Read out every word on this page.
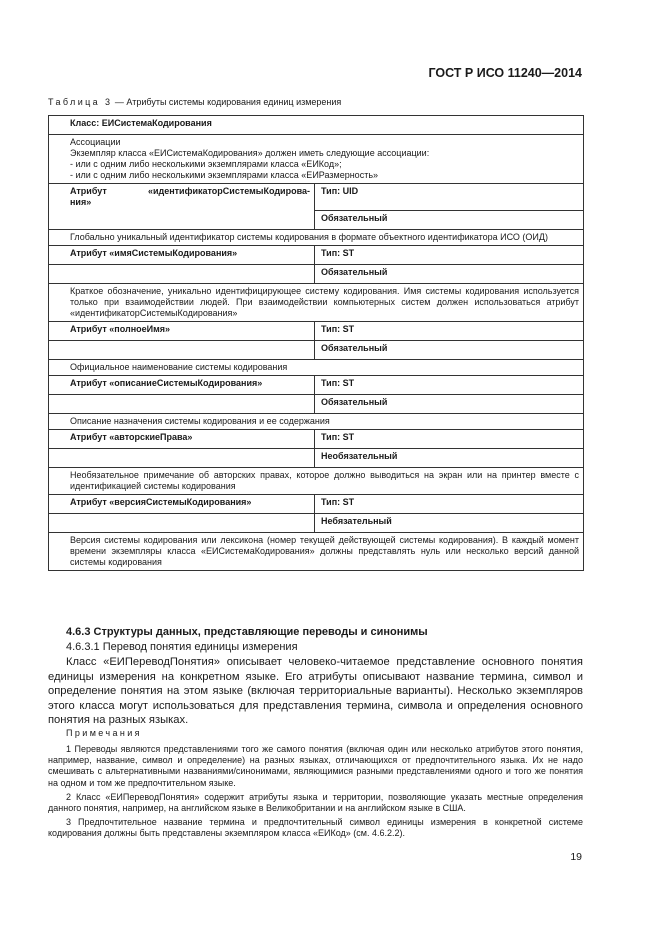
ГОСТ Р ИСО 11240—2014
Таблица 3 — Атрибуты системы кодирования единиц измерения
Класс: ЕИСистемаКодирования	

Ассоциации

Экземпляр класса «ЕИСистемаКодирования» должен иметь следующие ассоциации:

- или с одним либо несколькими экземплярами класса «ЕИКод»;

- или с одним либо несколькими экземплярами класса «ЕИРазмерность»	

Атрибут «идентификаторСистемыКодирова-
ния»	Тип: UID
	Обязательный

Глобально уникальный идентификатор системы кодирования в формате объектного идентификатора ИСО (ОИД)	

Атрибут «имяСистемыКодирования»	Тип: ST
	Обязательный

Краткое обозначение, уникально идентифицирующее систему кодирования. Имя системы кодирования используется только при взаимодействии людей. При взаимодействии компьютерных систем должен использоваться атрибут «идентификаторСистемыКодирования»	

Атрибут «полноеИмя»	Тип: ST
	Обязательный

Официальное наименование системы кодирования	

Атрибут «описаниеСистемыКодирования»	Тип: ST
	Обязательный

Описание назначения системы кодирования и ее содержания	

Атрибут «авторскиеПрава»	Тип: ST
	Необязательный

Необязательное примечание об авторских правах, которое должно выводиться на экран или на принтер вместе с идентификацией системы кодирования	

Атрибут «версияСистемыКодирования»	Тип: ST
	Небязательный

Версия системы кодирования или лексикона (номер текущей действующей системы кодирования). В каждый момент времени экземпляры класса «ЕИСистемаКодирования» должны представлять нуль или несколько версий данной системы кодирования	

4.6.3 Структуры данных, представляющие переводы и синонимы
4.6.3.1 Перевод понятия единицы измерения

Класс «ЕИПереводПонятия» описывает человеко-читаемое представление основного понятия единицы измерения на конкретном языке. Его атрибуты описывают название термина, символ и определение понятия на этом языке (включая территориальные варианты). Несколько экземпляров этого класса могут использоваться для представления термина, символа и определения основного понятия на разных языках.

Примечания

1 Переводы являются представлениями того же самого понятия (включая один или несколько атрибутов этого понятия, например, название, символ и определение) на разных языках, отличающихся от предпочтительного языка. Их не надо смешивать с альтернативными названиями/синонимами, являющимися разными представлениями одного и того же понятия на одном и том же предпочтительном языке.

2 Класс «ЕИПереводПонятия» содержит атрибуты языка и территории, позволяющие указать местные определения данного понятия, например, на английском языке в Великобритании и на английском языке в США.

3 Предпочтительное название термина и предпочтительный символ единицы измерения в конкретной системе кодирования должны быть представлены экземпляром класса «ЕИКод» (см. 4.6.2.2).

19
